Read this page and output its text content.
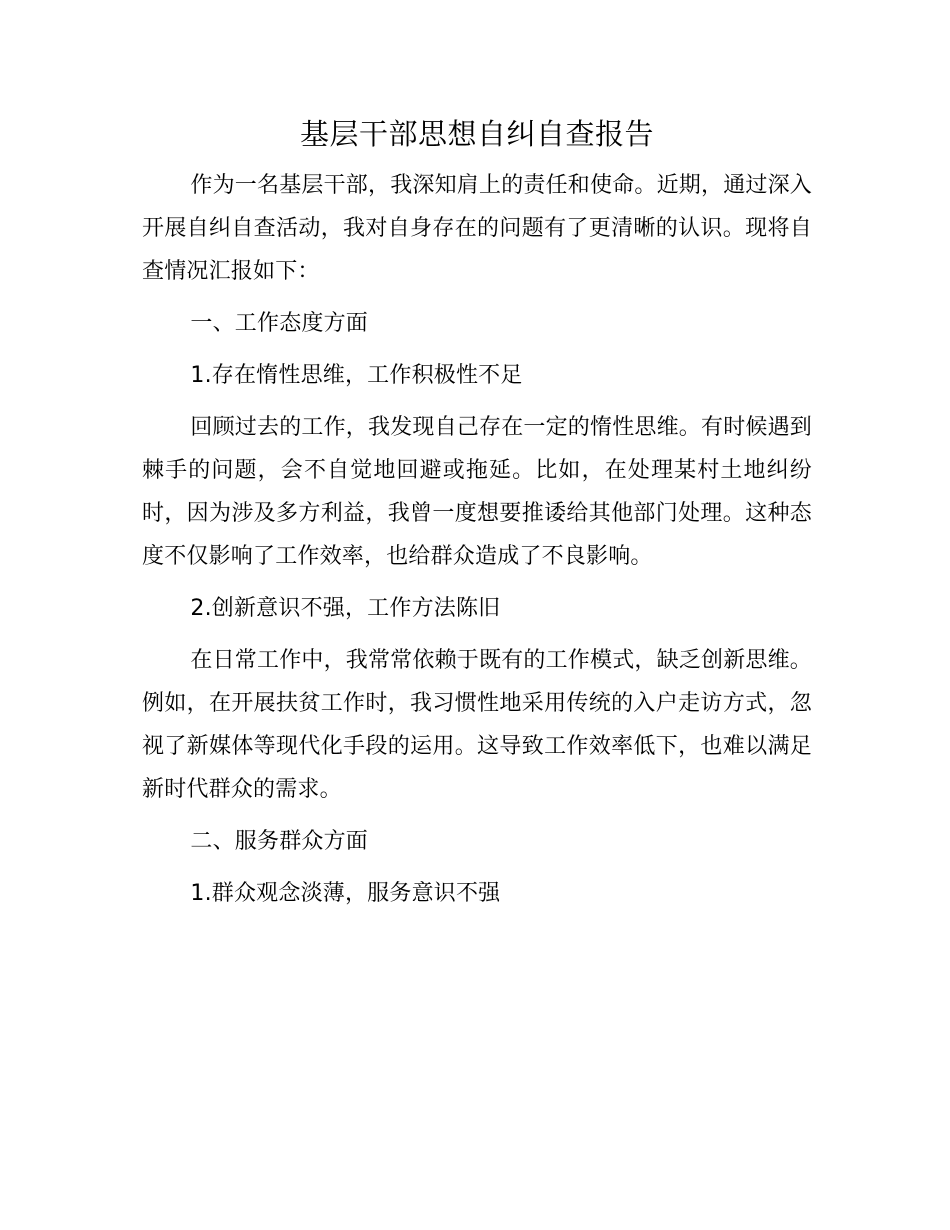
基层干部思想自纠自查报告

作为一名基层干部，我深知肩上的责任和使命。近期，通过深入开展自纠自查活动，我对自身存在的问题有了更清晰的认识。现将自查情况汇报如下：

一、工作态度方面

1.存在惰性思维，工作积极性不足

回顾过去的工作，我发现自己存在一定的惰性思维。有时候遇到棘手的问题，会不自觉地回避或拖延。比如，在处理某村土地纠纷时，因为涉及多方利益，我曾一度想要推诿给其他部门处理。这种态度不仅影响了工作效率，也给群众造成了不良影响。

2.创新意识不强，工作方法陈旧

在日常工作中，我常常依赖于既有的工作模式，缺乏创新思维。例如，在开展扶贫工作时，我习惯性地采用传统的入户走访方式，忽视了新媒体等现代化手段的运用。这导致工作效率低下，也难以满足新时代群众的需求。

二、服务群众方面

1.群众观念淡薄，服务意识不强
